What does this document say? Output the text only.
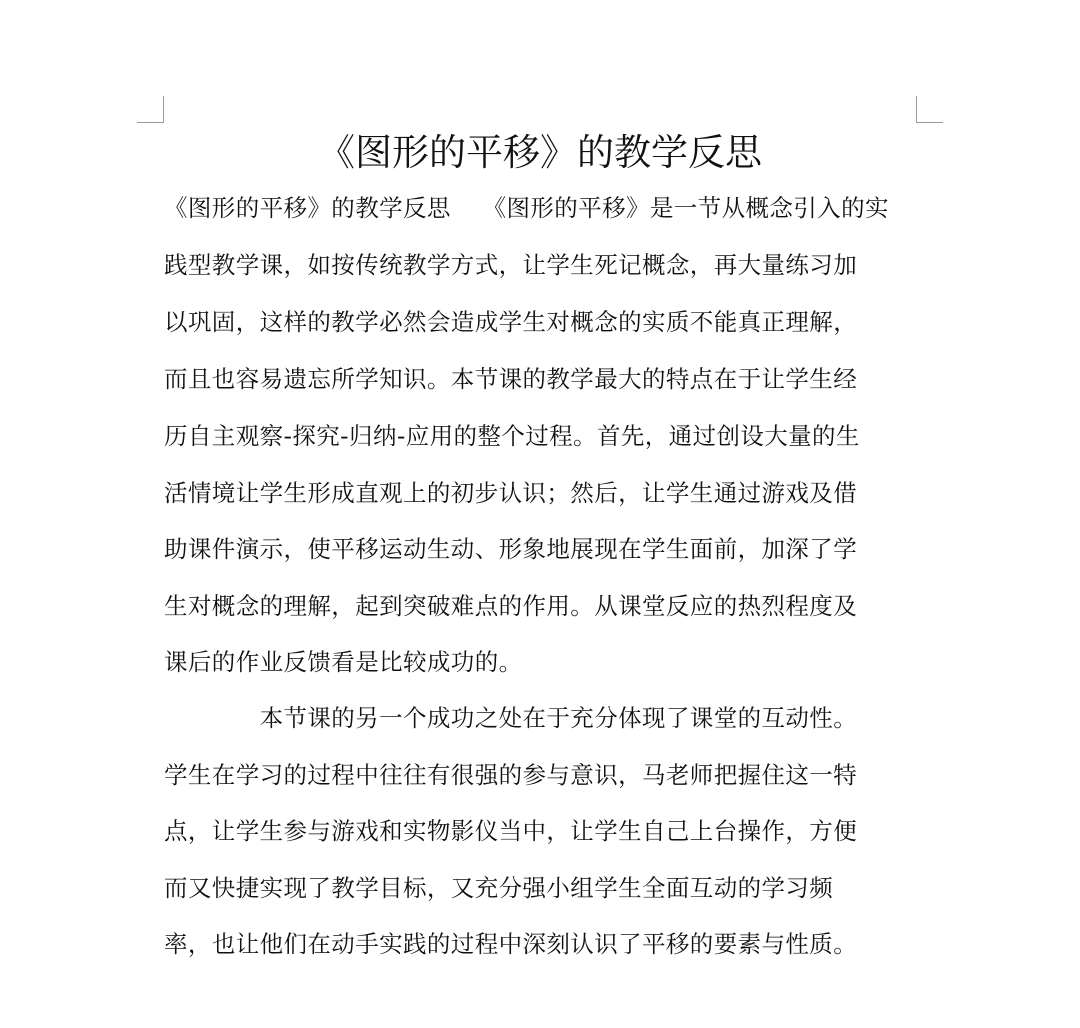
《图形的平移》的教学反思
《图形的平移》的教学反思　 《图形的平移》是一节从概念引入的实
践型教学课，如按传统教学方式，让学生死记概念，再大量练习加
以巩固，这样的教学必然会造成学生对概念的实质不能真正理解，
而且也容易遗忘所学知识。本节课的教学最大的特点在于让学生经
历自主观察-探究-归纳-应用的整个过程。首先，通过创设大量的生
活情境让学生形成直观上的初步认识；然后，让学生通过游戏及借
助课件演示，使平移运动生动、形象地展现在学生面前，加深了学
生对概念的理解，起到突破难点的作用。从课堂反应的热烈程度及
课后的作业反馈看是比较成功的。
　　　　本节课的另一个成功之处在于充分体现了课堂的互动性。
学生在学习的过程中往往有很强的参与意识，马老师把握住这一特
点，让学生参与游戏和实物影仪当中，让学生自己上台操作，方便
而又快捷实现了教学目标，又充分强小组学生全面互动的学习频
率，也让他们在动手实践的过程中深刻认识了平移的要素与性质。
